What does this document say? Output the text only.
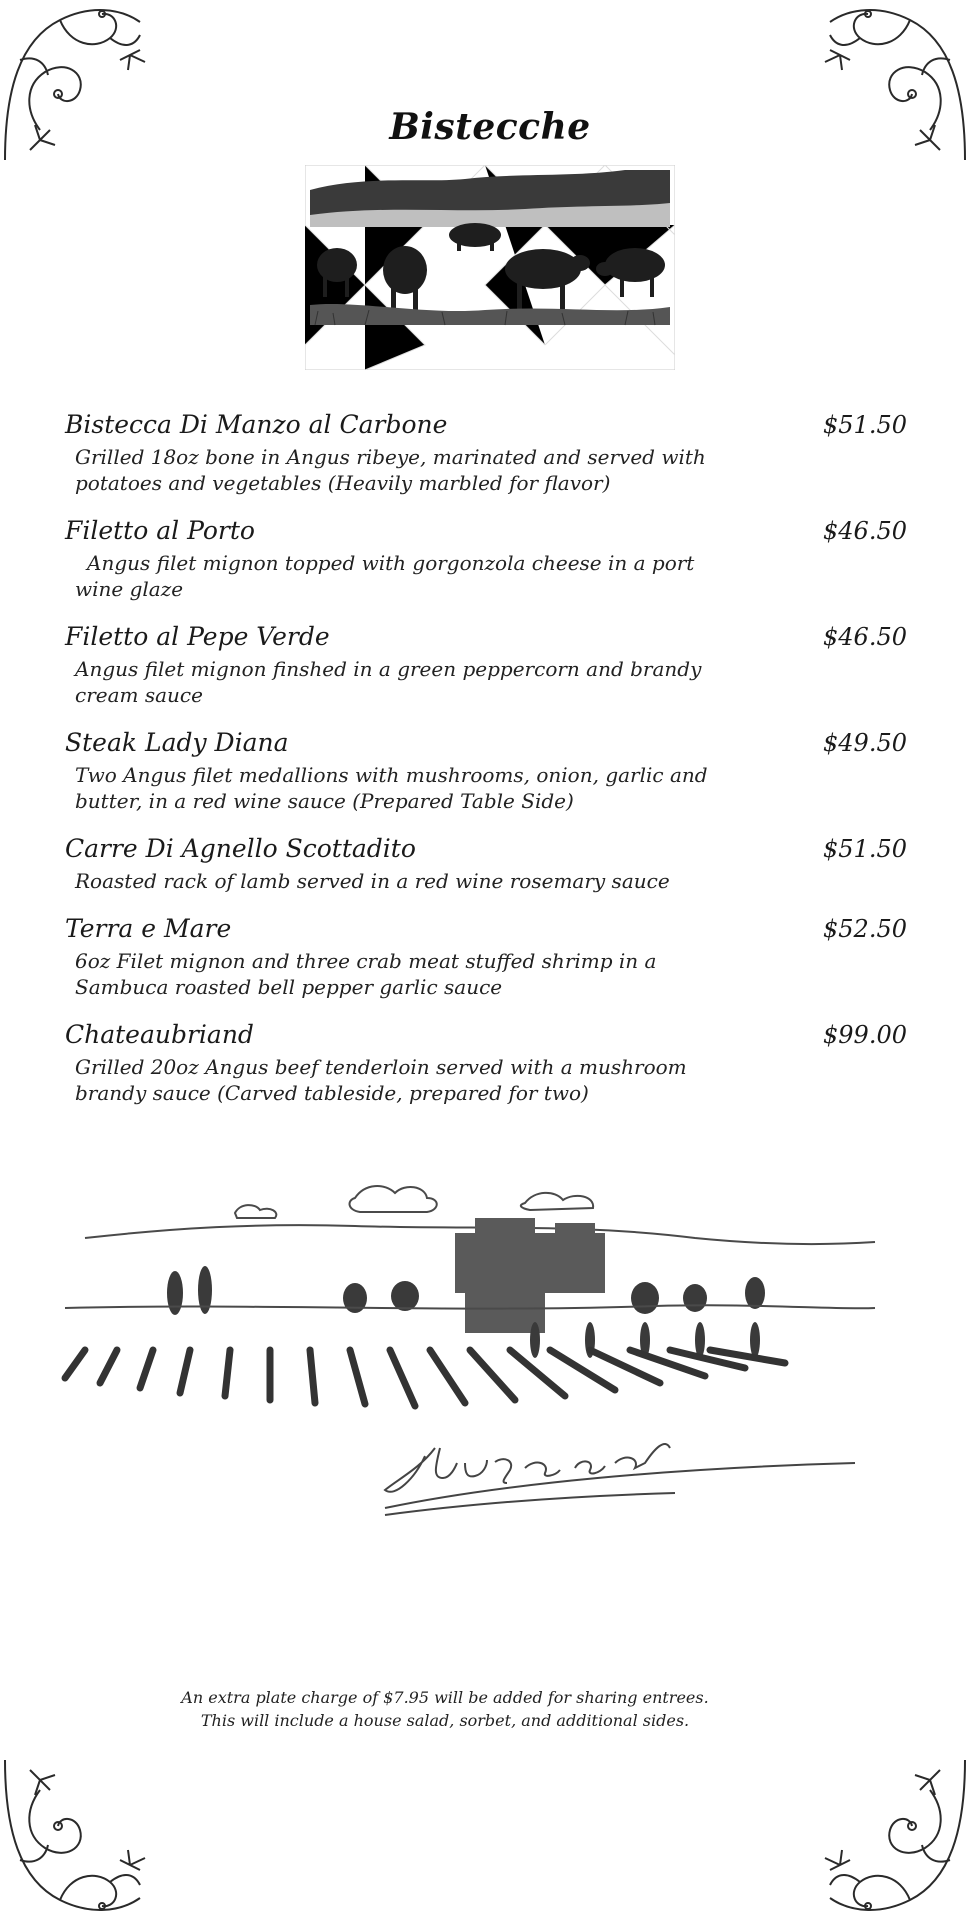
Bistecche
Bistecca Di Manzo al Carbone	$51.50
Grilled 18oz bone in Angus ribeye, marinated and served with potatoes and vegetables (Heavily marbled for flavor)
Filetto al Porto	$46.50
Angus filet mignon topped with gorgonzola cheese in a port wine glaze
Filetto al Pepe Verde	$46.50
Angus filet mignon finshed in a green peppercorn and brandy cream sauce
Steak Lady Diana	$49.50
Two Angus filet medallions with mushrooms, onion, garlic and butter, in a red wine sauce (Prepared Table Side)
Carre Di Agnello Scottadito	$51.50
Roasted rack of lamb served in a red wine rosemary sauce
Terra e Mare	$52.50
6oz Filet mignon and three crab meat stuffed shrimp in a Sambuca roasted bell pepper garlic sauce
Chateaubriand	$99.00
Grilled 20oz Angus beef tenderloin served with a mushroom brandy sauce (Carved tableside, prepared for two)
An extra plate charge of $7.95 will be added for sharing entrees.
This will include a house salad, sorbet, and additional sides.
